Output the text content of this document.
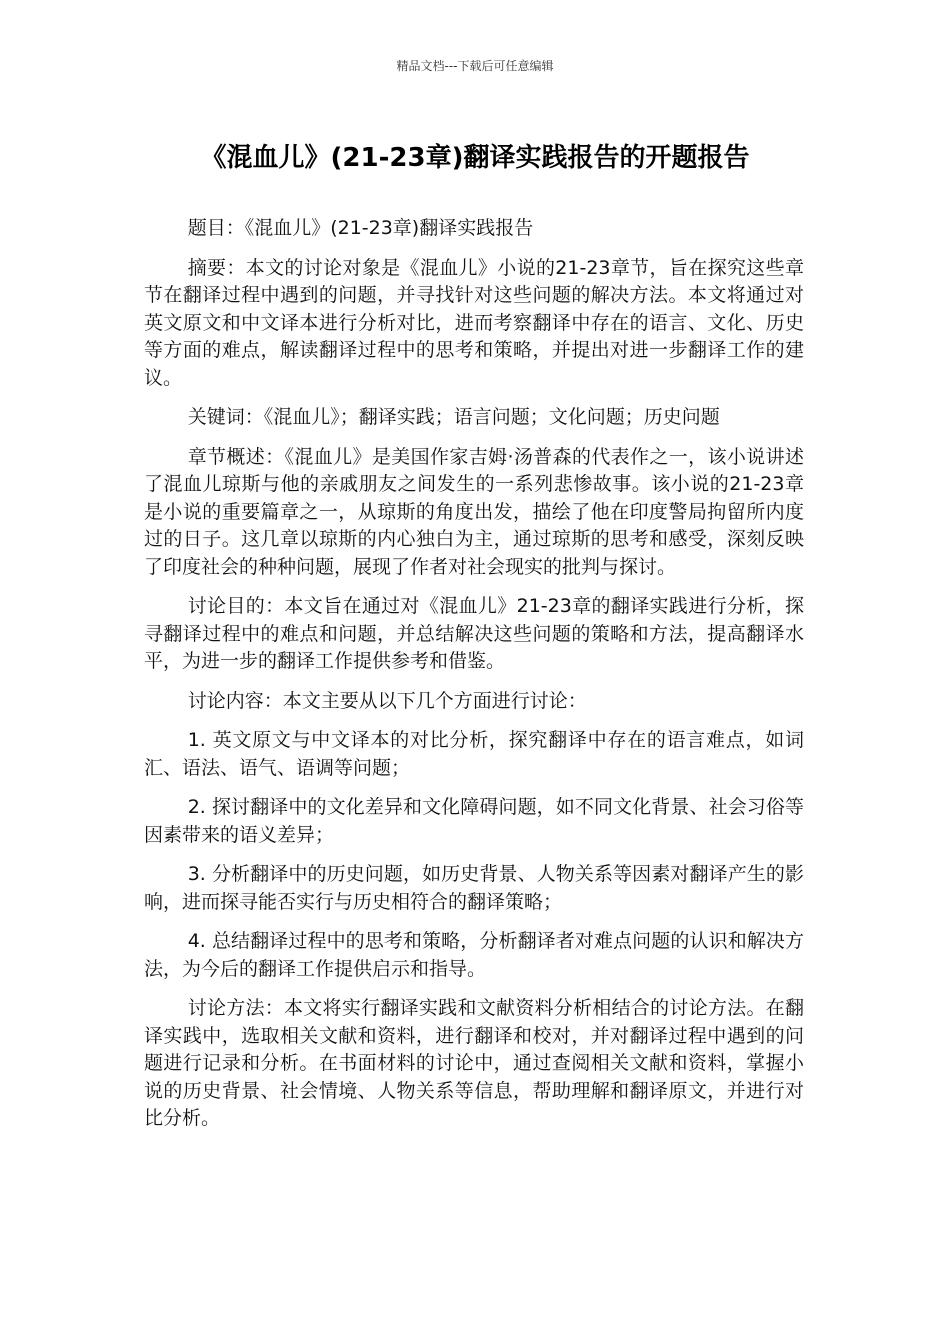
精品文档---下载后可任意编辑
《混血儿》(21-23章)翻译实践报告的开题报告

题目：《混血儿》(21-23章)翻译实践报告

摘要：本文的讨论对象是《混血儿》小说的21-23章节，旨在探究这些章节在翻译过程中遇到的问题，并寻找针对这些问题的解决方法。本文将通过对英文原文和中文译本进行分析对比，进而考察翻译中存在的语言、文化、历史等方面的难点，解读翻译过程中的思考和策略，并提出对进一步翻译工作的建议。

关键词：《混血儿》；翻译实践；语言问题；文化问题；历史问题

章节概述：《混血儿》是美国作家吉姆·汤普森的代表作之一，该小说讲述了混血儿琼斯与他的亲戚朋友之间发生的一系列悲惨故事。该小说的21-23章是小说的重要篇章之一，从琼斯的角度出发，描绘了他在印度警局拘留所内度过的日子。这几章以琼斯的内心独白为主，通过琼斯的思考和感受，深刻反映了印度社会的种种问题，展现了作者对社会现实的批判与探讨。

讨论目的：本文旨在通过对《混血儿》21-23章的翻译实践进行分析，探寻翻译过程中的难点和问题，并总结解决这些问题的策略和方法，提高翻译水平，为进一步的翻译工作提供参考和借鉴。

讨论内容：本文主要从以下几个方面进行讨论：

1. 英文原文与中文译本的对比分析，探究翻译中存在的语言难点，如词汇、语法、语气、语调等问题；

2. 探讨翻译中的文化差异和文化障碍问题，如不同文化背景、社会习俗等因素带来的语义差异；

3. 分析翻译中的历史问题，如历史背景、人物关系等因素对翻译产生的影响，进而探寻能否实行与历史相符合的翻译策略；

4. 总结翻译过程中的思考和策略，分析翻译者对难点问题的认识和解决方法，为今后的翻译工作提供启示和指导。

讨论方法：本文将实行翻译实践和文献资料分析相结合的讨论方法。在翻译实践中，选取相关文献和资料，进行翻译和校对，并对翻译过程中遇到的问题进行记录和分析。在书面材料的讨论中，通过查阅相关文献和资料，掌握小说的历史背景、社会情境、人物关系等信息，帮助理解和翻译原文，并进行对比分析。
